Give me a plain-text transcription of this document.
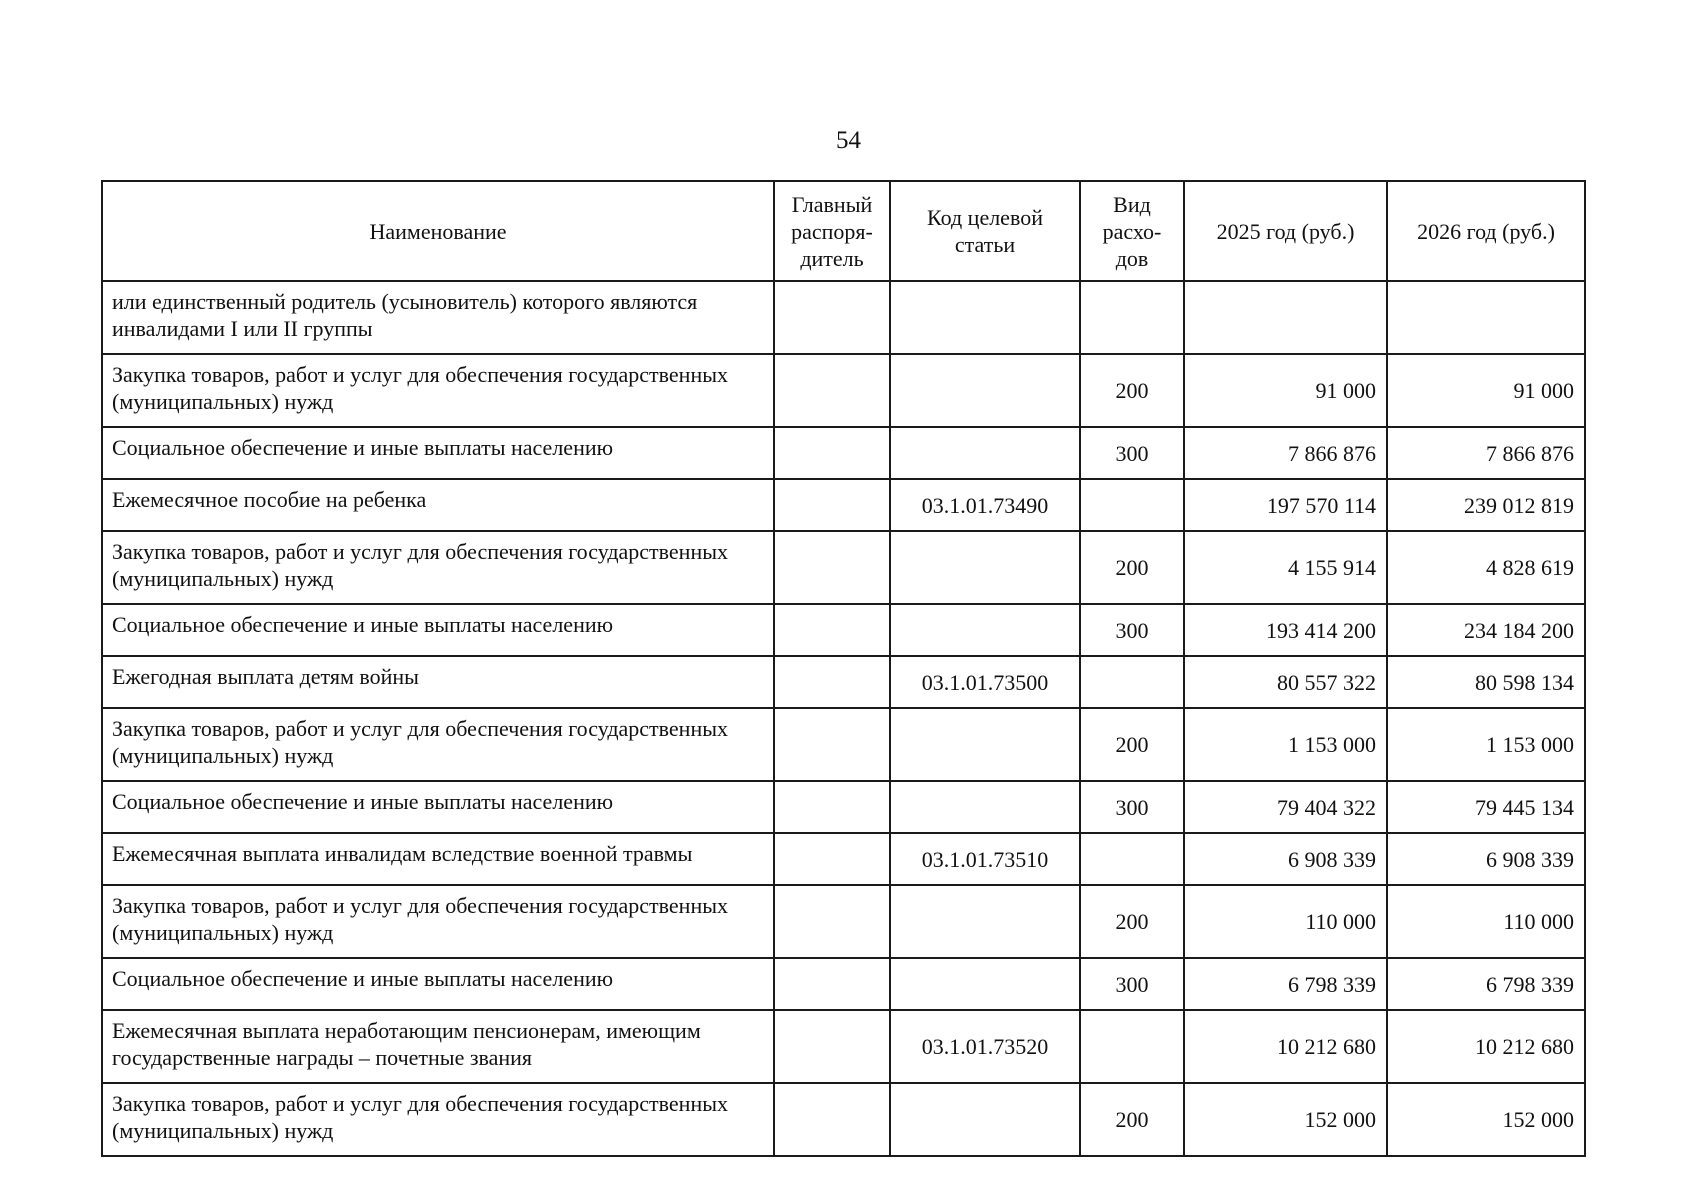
54
Наименование	Главный распоря-дитель	Код целевой статьи	Вид расхо-дов	2025 год (руб.)	2026 год (руб.)
или единственный родитель (усыновитель) которого являются инвалидами I или II группы					
Закупка товаров, работ и услуг для обеспечения государственных (муниципальных) нужд			200	91 000	91 000
Социальное обеспечение и иные выплаты населению			300	7 866 876	7 866 876
Ежемесячное пособие на ребенка		03.1.01.73490		197 570 114	239 012 819
Закупка товаров, работ и услуг для обеспечения государственных (муниципальных) нужд			200	4 155 914	4 828 619
Социальное обеспечение и иные выплаты населению			300	193 414 200	234 184 200
Ежегодная выплата детям войны		03.1.01.73500		80 557 322	80 598 134
Закупка товаров, работ и услуг для обеспечения государственных (муниципальных) нужд			200	1 153 000	1 153 000
Социальное обеспечение и иные выплаты населению			300	79 404 322	79 445 134
Ежемесячная выплата инвалидам вследствие военной травмы		03.1.01.73510		6 908 339	6 908 339
Закупка товаров, работ и услуг для обеспечения государственных (муниципальных) нужд			200	110 000	110 000
Социальное обеспечение и иные выплаты населению			300	6 798 339	6 798 339
Ежемесячная выплата неработающим пенсионерам, имеющим государственные награды – почетные звания		03.1.01.73520		10 212 680	10 212 680
Закупка товаров, работ и услуг для обеспечения государственных (муниципальных) нужд			200	152 000	152 000
